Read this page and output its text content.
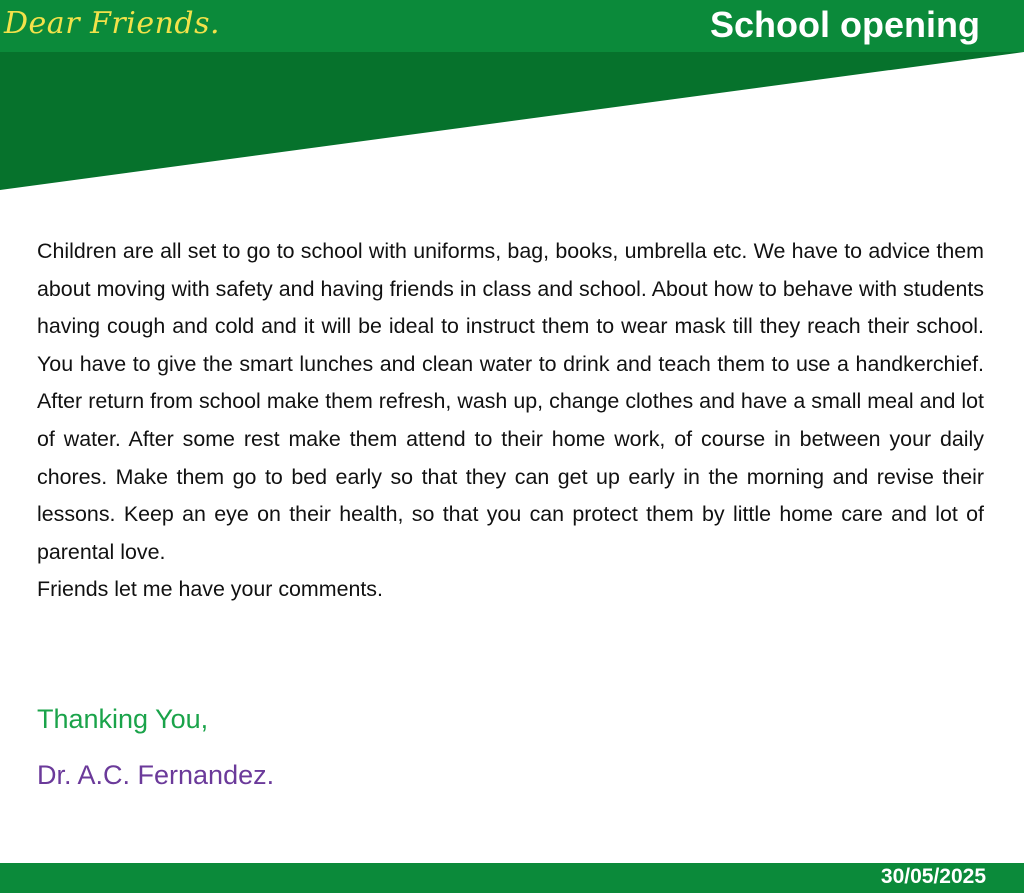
Dear Friends.	School opening

Children are all set to go to school with uniforms, bag, books, umbrella etc. We have to advice them about moving with safety and having friends in class and school. About how to behave with students having cough and cold and it will be ideal to instruct them to wear mask till they reach their school. You have to give the smart lunches and clean water to drink and teach them to use a handkerchief. After return from school make them refresh, wash up, change clothes and have a small meal and lot of water. After some rest make them attend to their home work, of course in between your daily chores. Make them go to bed early so that they can get up early in the morning and revise their lessons. Keep an eye on their health, so that you can protect them by little home care and lot of parental love.

Friends let me have your comments.

Thanking You,
Dr. A.C. Fernandez.
30/05/2025
